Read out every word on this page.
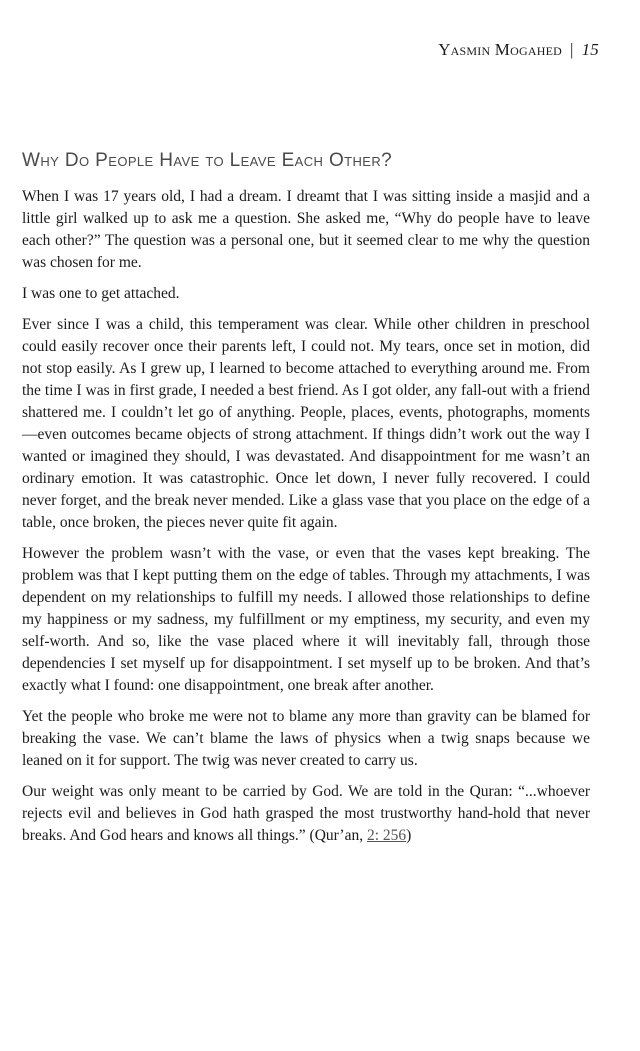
Yasmin Mogahed | 15
Why Do People Have to Leave Each Other?

When I was 17 years old, I had a dream. I dreamt that I was sitting inside a masjid and a little girl walked up to ask me a question. She asked me, “Why do people have to leave each other?” The question was a personal one, but it seemed clear to me why the question was chosen for me.

I was one to get attached.

Ever since I was a child, this temperament was clear. While other children in preschool could easily recover once their parents left, I could not. My tears, once set in motion, did not stop easily. As I grew up, I learned to become attached to everything around me. From the time I was in first grade, I needed a best friend. As I got older, any fall-out with a friend shattered me. I couldn’t let go of anything. People, places, events, photographs, moments—even outcomes became objects of strong attachment. If things didn’t work out the way I wanted or imagined they should, I was devastated. And disappointment for me wasn’t an ordinary emotion. It was catastrophic. Once let down, I never fully recovered. I could never forget, and the break never mended. Like a glass vase that you place on the edge of a table, once broken, the pieces never quite fit again.

However the problem wasn’t with the vase, or even that the vases kept breaking. The problem was that I kept putting them on the edge of tables. Through my attachments, I was dependent on my relationships to fulfill my needs. I allowed those relationships to define my happiness or my sadness, my fulfillment or my emptiness, my security, and even my self-worth. And so, like the vase placed where it will inevitably fall, through those dependencies I set myself up for disappointment. I set myself up to be broken. And that’s exactly what I found: one disappointment, one break after another.

Yet the people who broke me were not to blame any more than gravity can be blamed for breaking the vase. We can’t blame the laws of physics when a twig snaps because we leaned on it for support. The twig was never created to carry us.

Our weight was only meant to be carried by God. We are told in the Quran: “...whoever rejects evil and believes in God hath grasped the most trustworthy hand-hold that never breaks. And God hears and knows all things.” (Qur’an, 2: 256)
